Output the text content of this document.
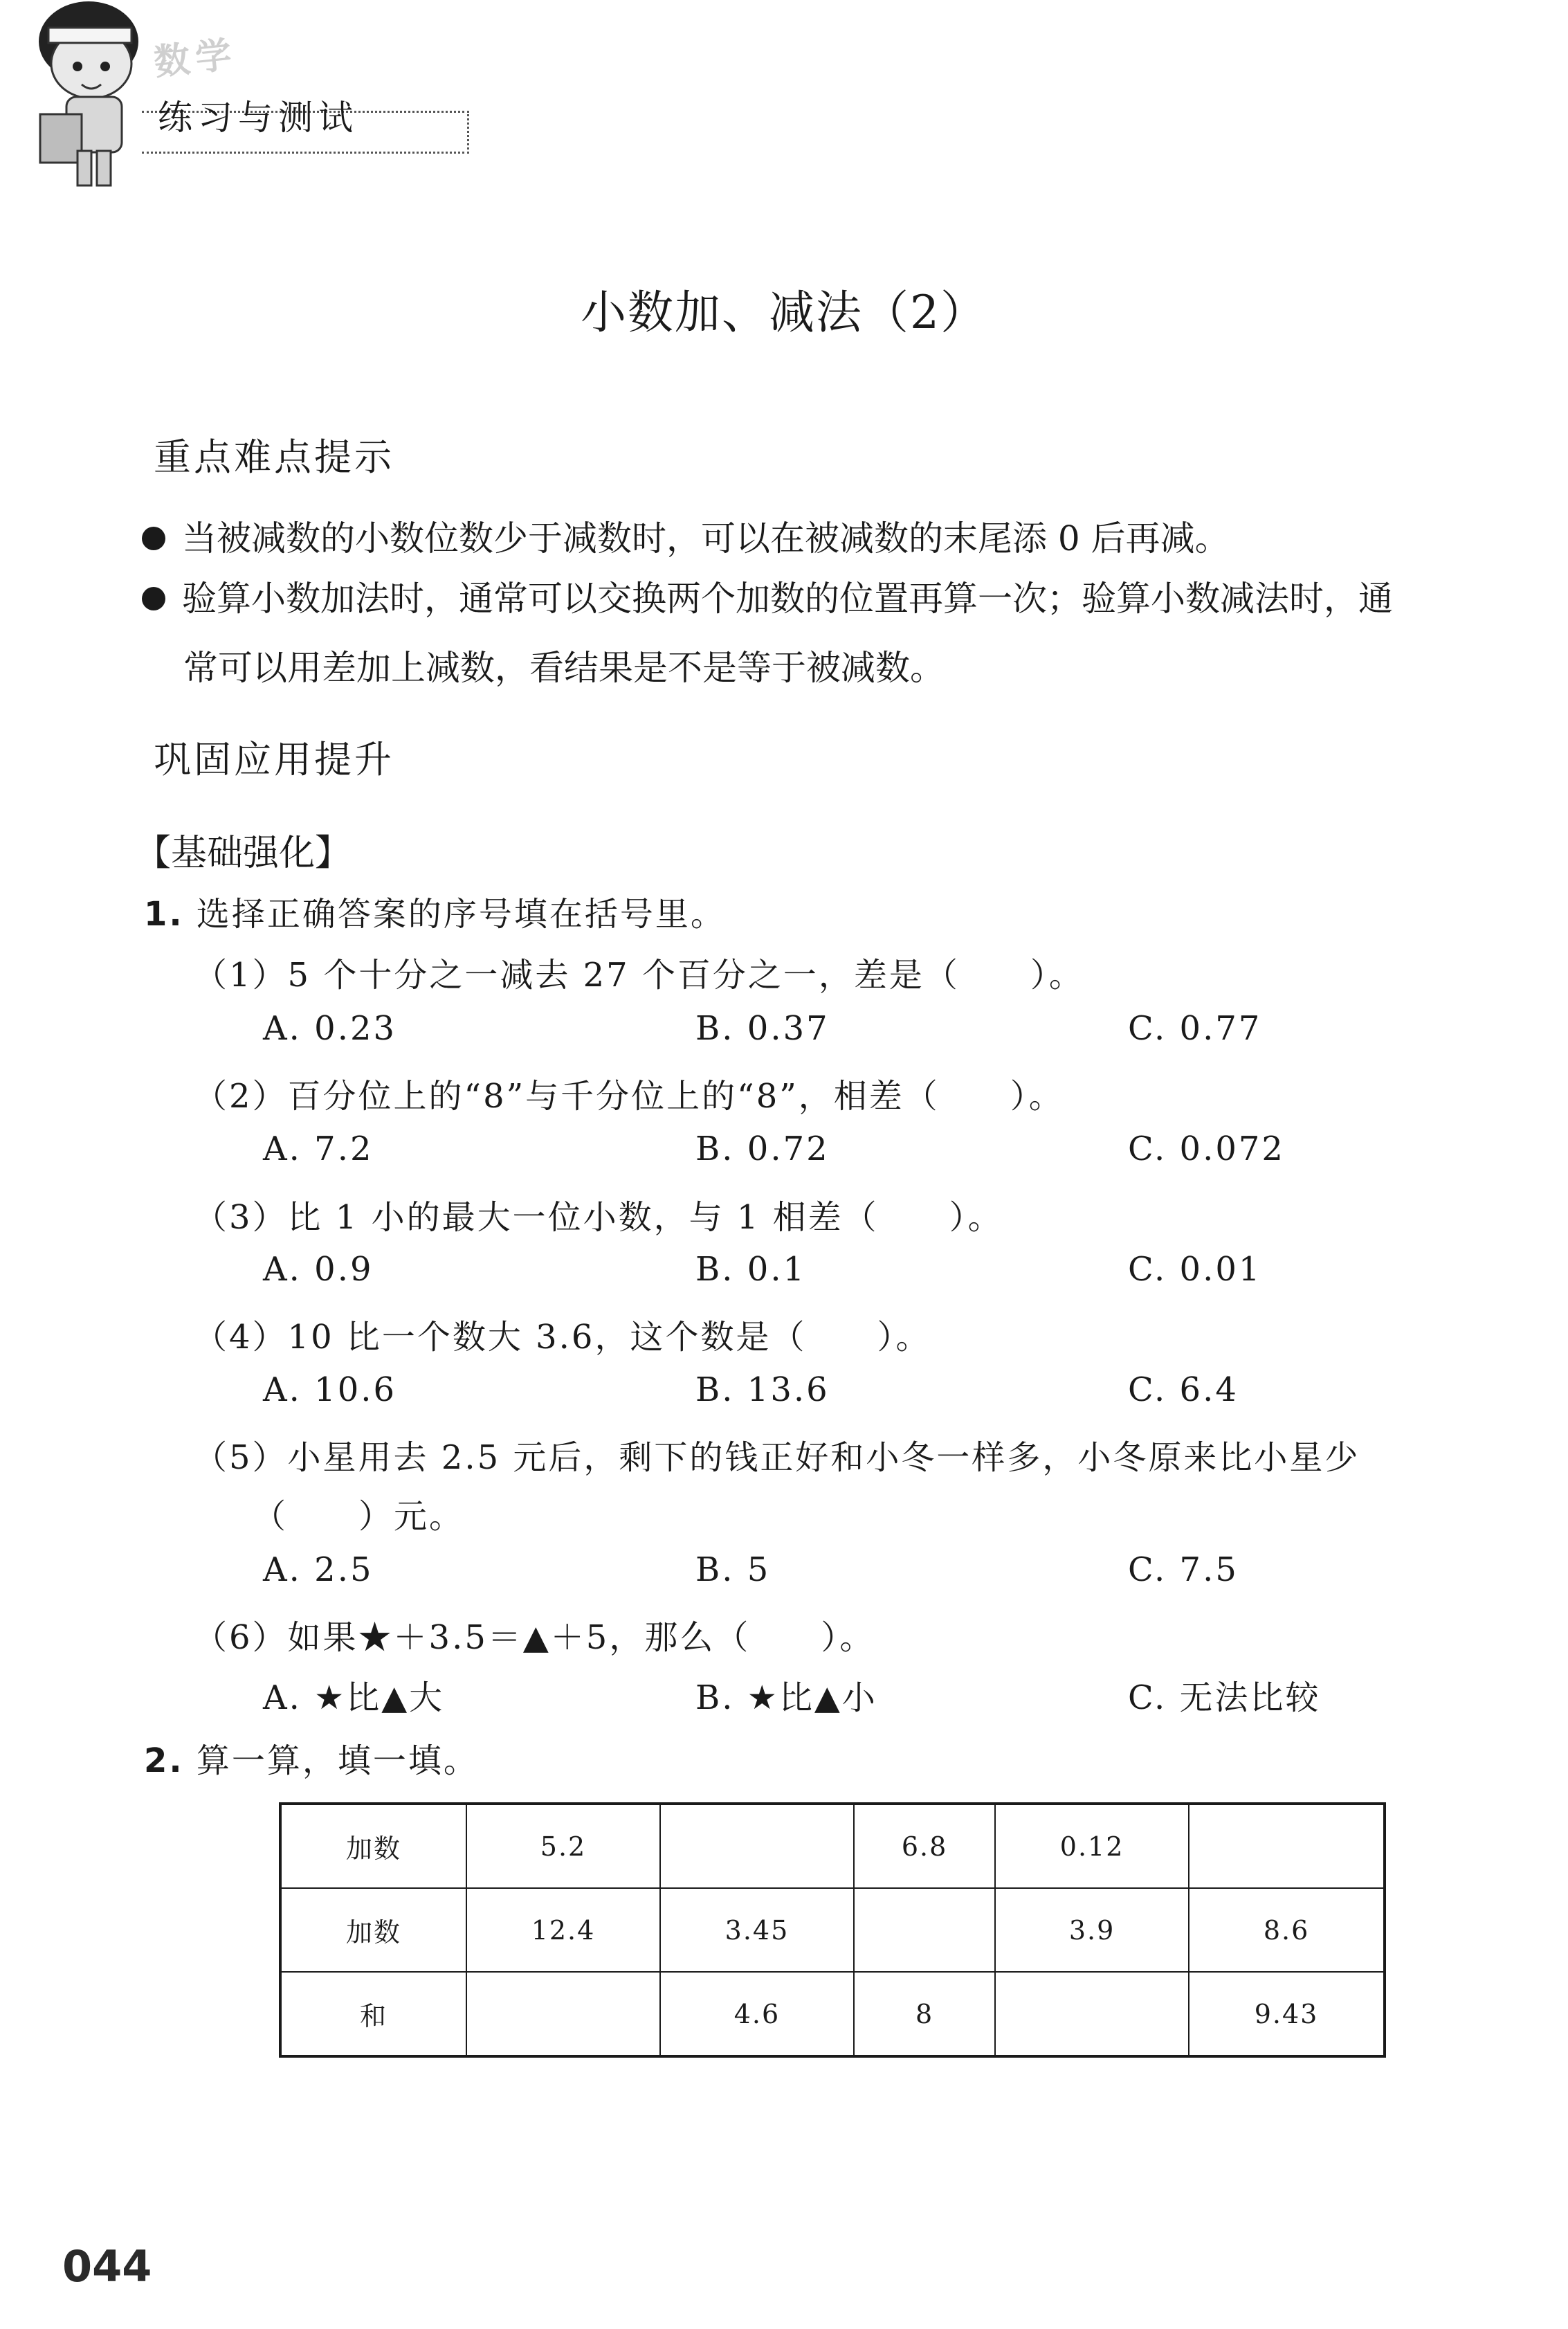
数学
练习与测试
小数加、减法（2）
重点难点提示
当被减数的小数位数少于减数时，可以在被减数的末尾添 0 后再减。
验算小数加法时，通常可以交换两个加数的位置再算一次；验算小数减法时，通
常可以用差加上减数，看结果是不是等于被减数。
巩固应用提升
【基础强化】
1. 选择正确答案的序号填在括号里。
（1）5 个十分之一减去 27 个百分之一，差是（　　）。
A. 0.23	B. 0.37	C. 0.77
（2）百分位上的“8”与千分位上的“8”，相差（　　）。
A. 7.2	B. 0.72	C. 0.072
（3）比 1 小的最大一位小数，与 1 相差（　　）。
A. 0.9	B. 0.1	C. 0.01
（4）10 比一个数大 3.6，这个数是（　　）。
A. 10.6	B. 13.6	C. 6.4
（5）小星用去 2.5 元后，剩下的钱正好和小冬一样多，小冬原来比小星少
（　　）元。
A. 2.5	B. 5	C. 7.5
（6）如果★＋3.5＝▲＋5，那么（　　）。
A. ★比▲大	B. ★比▲小	C. 无法比较
2. 算一算，填一填。
加数	5.2		6.8	0.12	
加数	12.4	3.45		3.9	8.6
和		4.6	8		9.43
044
